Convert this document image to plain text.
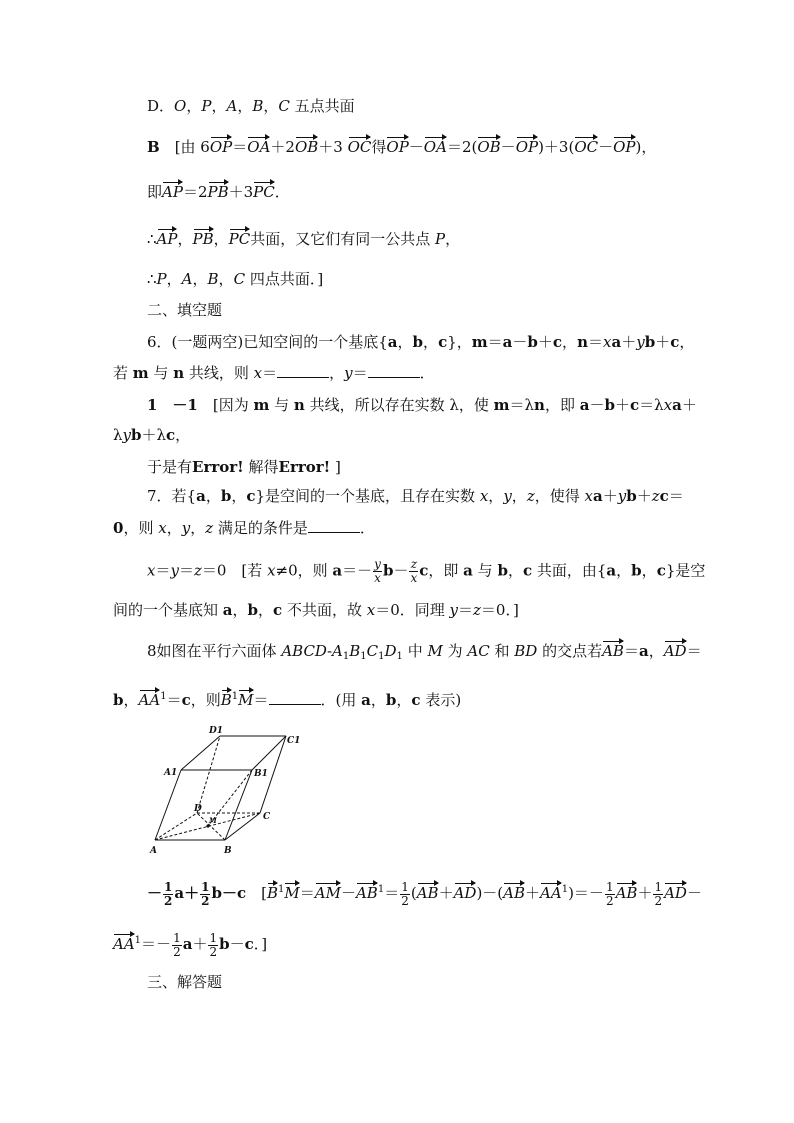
D．O，P，A，B，C 五点共面
B　[由 6OP＝OA＋2OB＋3 OC得OP－OA＝2(OB－OP)＋3(OC－OP)，
即AP＝2PB＋3PC．
∴AP，PB，PC共面，又它们有同一公共点 P，
∴P，A，B，C 四点共面．]
二、填空题
6．(一题两空)已知空间的一个基底{a，b，c}，m＝a－b＋c，n＝xa＋yb＋c，
若 m 与 n 共线，则 x＝	，y＝	．
1　－1　[因为 m 与 n 共线，所以存在实数 λ，使 m＝λn，即 a－b＋c＝λxa＋
λyb＋λc，
于是有Error! 解得Error! ]
7．若{a，b，c}是空间的一个基底，且存在实数 x，y，z，使得 xa＋yb＋zc＝
0，则 x，y，z 满足的条件是	．
x＝y＝z＝0　[若 x≠0，则 $a=- \frac{y}{x} b- \frac{z}{x}$ c，即 a 与 b，c 共面，由{a，b，c}是空
间的一个基底知 a，b，c 不共面，故 x＝0．同理 y＝z＝0．]
8如图在平行六面体 ABCD-$A_1B_1C_1D_1$ 中 M 为 AC 和 BD 的交点若AB＝a，AD＝
b，$AA^1=c$，则$B^1M=$	．(用 a，b，c 表示)
D1
C1
A1	B1
D
M	C
A	B
－ $\frac{1}{2} a+ \frac{1}{2} b-c$　[$B^1M=AM-AB^1= \frac{1}{2} (AB+AD)-(AB+AA^1)=- \frac{1}{2} AB+ \frac{1}{2} AD-$
$AA^1=- \frac{1}{2} a+ \frac{1}{2} b-c$．]
三、解答题
